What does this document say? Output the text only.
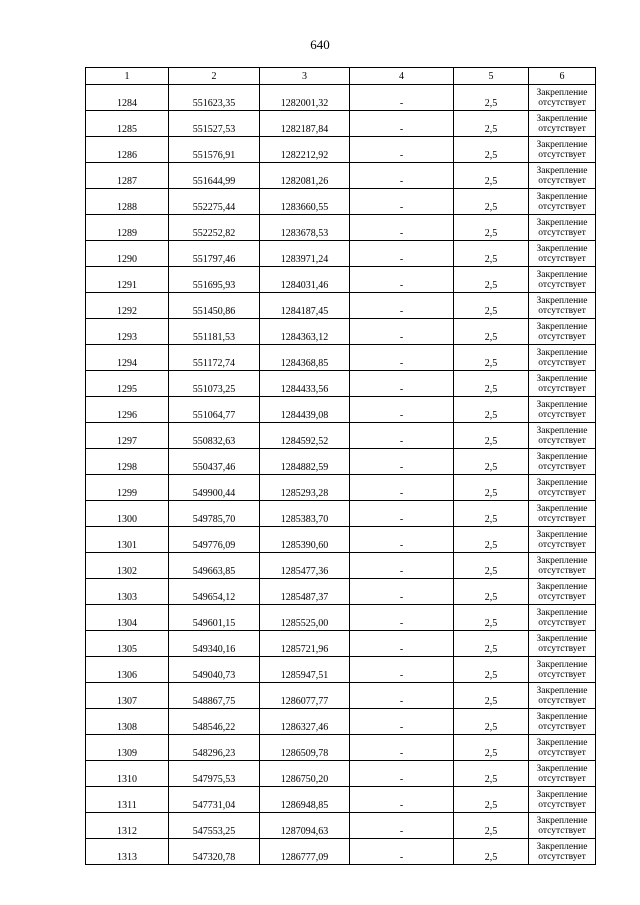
640
1	2	3	4	5	6
1284	551623,35	1282001,32	-	2,5	Закрепление отсутствует
1285	551527,53	1282187,84	-	2,5	Закрепление отсутствует
1286	551576,91	1282212,92	-	2,5	Закрепление отсутствует
1287	551644,99	1282081,26	-	2,5	Закрепление отсутствует
1288	552275,44	1283660,55	-	2,5	Закрепление отсутствует
1289	552252,82	1283678,53	-	2,5	Закрепление отсутствует
1290	551797,46	1283971,24	-	2,5	Закрепление отсутствует
1291	551695,93	1284031,46	-	2,5	Закрепление отсутствует
1292	551450,86	1284187,45	-	2,5	Закрепление отсутствует
1293	551181,53	1284363,12	-	2,5	Закрепление отсутствует
1294	551172,74	1284368,85	-	2,5	Закрепление отсутствует
1295	551073,25	1284433,56	-	2,5	Закрепление отсутствует
1296	551064,77	1284439,08	-	2,5	Закрепление отсутствует
1297	550832,63	1284592,52	-	2,5	Закрепление отсутствует
1298	550437,46	1284882,59	-	2,5	Закрепление отсутствует
1299	549900,44	1285293,28	-	2,5	Закрепление отсутствует
1300	549785,70	1285383,70	-	2,5	Закрепление отсутствует
1301	549776,09	1285390,60	-	2,5	Закрепление отсутствует
1302	549663,85	1285477,36	-	2,5	Закрепление отсутствует
1303	549654,12	1285487,37	-	2,5	Закрепление отсутствует
1304	549601,15	1285525,00	-	2,5	Закрепление отсутствует
1305	549340,16	1285721,96	-	2,5	Закрепление отсутствует
1306	549040,73	1285947,51	-	2,5	Закрепление отсутствует
1307	548867,75	1286077,77	-	2,5	Закрепление отсутствует
1308	548546,22	1286327,46	-	2,5	Закрепление отсутствует
1309	548296,23	1286509,78	-	2,5	Закрепление отсутствует
1310	547975,53	1286750,20	-	2,5	Закрепление отсутствует
1311	547731,04	1286948,85	-	2,5	Закрепление отсутствует
1312	547553,25	1287094,63	-	2,5	Закрепление отсутствует
1313	547320,78	1286777,09	-	2,5	Закрепление отсутствует
